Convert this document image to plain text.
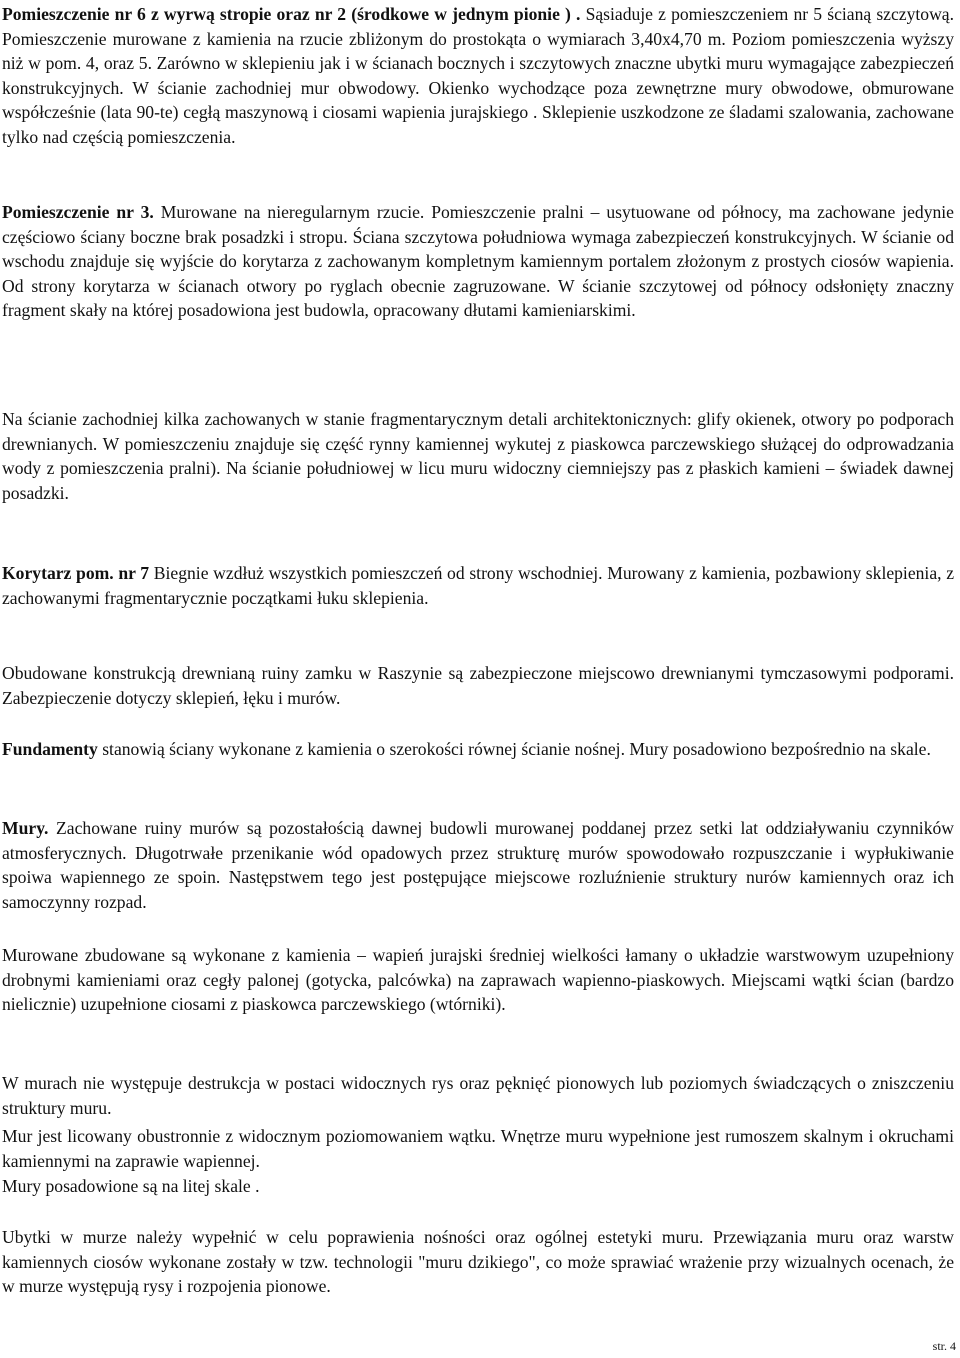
Pomieszczenie nr 6 z wyrwą stropie oraz nr 2 (środkowe w jednym pionie ) . Sąsiaduje z pomieszczeniem nr 5 ścianą szczytową. Pomieszczenie murowane z kamienia na rzucie zbliżonym do prostokąta o wymiarach 3,40x4,70 m. Poziom pomieszczenia wyższy niż w pom. 4, oraz 5. Zarówno w sklepieniu jak i w ścianach bocznych i szczytowych znaczne ubytki muru wymagające zabezpieczeń konstrukcyjnych. W ścianie zachodniej mur obwodowy. Okienko wychodzące poza zewnętrzne mury obwodowe, obmurowane współcześnie (lata 90-te) cegłą maszynową i ciosami wapienia jurajskiego . Sklepienie uszkodzone ze śladami szalowania, zachowane tylko nad częścią pomieszczenia.

Pomieszczenie nr 3. Murowane na nieregularnym rzucie. Pomieszczenie pralni – usytuowane od północy, ma zachowane jedynie częściowo ściany boczne brak posadzki i stropu. Ściana szczytowa południowa wymaga zabezpieczeń konstrukcyjnych. W ścianie od wschodu znajduje się wyjście do korytarza z zachowanym kompletnym kamiennym portalem złożonym z prostych ciosów wapienia. Od strony korytarza w ścianach otwory po ryglach obecnie zagruzowane. W ścianie szczytowej od północy odsłonięty znaczny fragment skały na której posadowiona jest budowla, opracowany dłutami kamieniarskimi.

Na ścianie zachodniej kilka zachowanych w stanie fragmentarycznym detali architektonicznych: glify okienek, otwory po podporach drewnianych. W pomieszczeniu znajduje się część rynny kamiennej wykutej z piaskowca parczewskiego służącej do odprowadzania wody z pomieszczenia pralni). Na ścianie południowej w licu muru widoczny ciemniejszy pas z płaskich kamieni – świadek dawnej posadzki.

Korytarz pom. nr 7 Biegnie wzdłuż wszystkich pomieszczeń od strony wschodniej. Murowany z kamienia, pozbawiony sklepienia, z zachowanymi fragmentarycznie początkami łuku sklepienia.

Obudowane konstrukcją drewnianą ruiny zamku w Raszynie są zabezpieczone miejscowo drewnianymi tymczasowymi podporami. Zabezpieczenie dotyczy sklepień, łęku i murów.

Fundamenty stanowią ściany wykonane z kamienia o szerokości równej ścianie nośnej. Mury posadowiono bezpośrednio na skale.

Mury. Zachowane ruiny murów są pozostałością dawnej budowli murowanej poddanej przez setki lat oddziaływaniu czynników atmosferycznych. Długotrwałe przenikanie wód opadowych przez strukturę murów spowodowało rozpuszczanie i wypłukiwanie spoiwa wapiennego ze spoin. Następstwem tego jest postępujące miejscowe rozluźnienie struktury nurów kamiennych oraz ich samoczynny rozpad.

Murowane zbudowane są wykonane z kamienia – wapień jurajski średniej wielkości łamany o układzie warstwowym uzupełniony drobnymi kamieniami oraz cegły palonej (gotycka, palcówka) na zaprawach wapienno-piaskowych. Miejscami wątki ścian (bardzo nielicznie) uzupełnione ciosami z piaskowca parczewskiego (wtórniki).

W murach nie występuje destrukcja w postaci widocznych rys oraz pęknięć pionowych lub poziomych świadczących o zniszczeniu struktury muru.

Mur jest licowany obustronnie z widocznym poziomowaniem wątku. Wnętrze muru wypełnione jest rumoszem skalnym i okruchami kamiennymi na zaprawie wapiennej.

Mury posadowione są na litej skale .

Ubytki w murze należy wypełnić w celu poprawienia nośności oraz ogólnej estetyki muru. Przewiązania muru oraz warstw kamiennych ciosów wykonane zostały w tzw. technologii "muru dzikiego", co może sprawiać wrażenie przy wizualnych ocenach, że w murze występują rysy i rozpojenia pionowe.

str. 4
